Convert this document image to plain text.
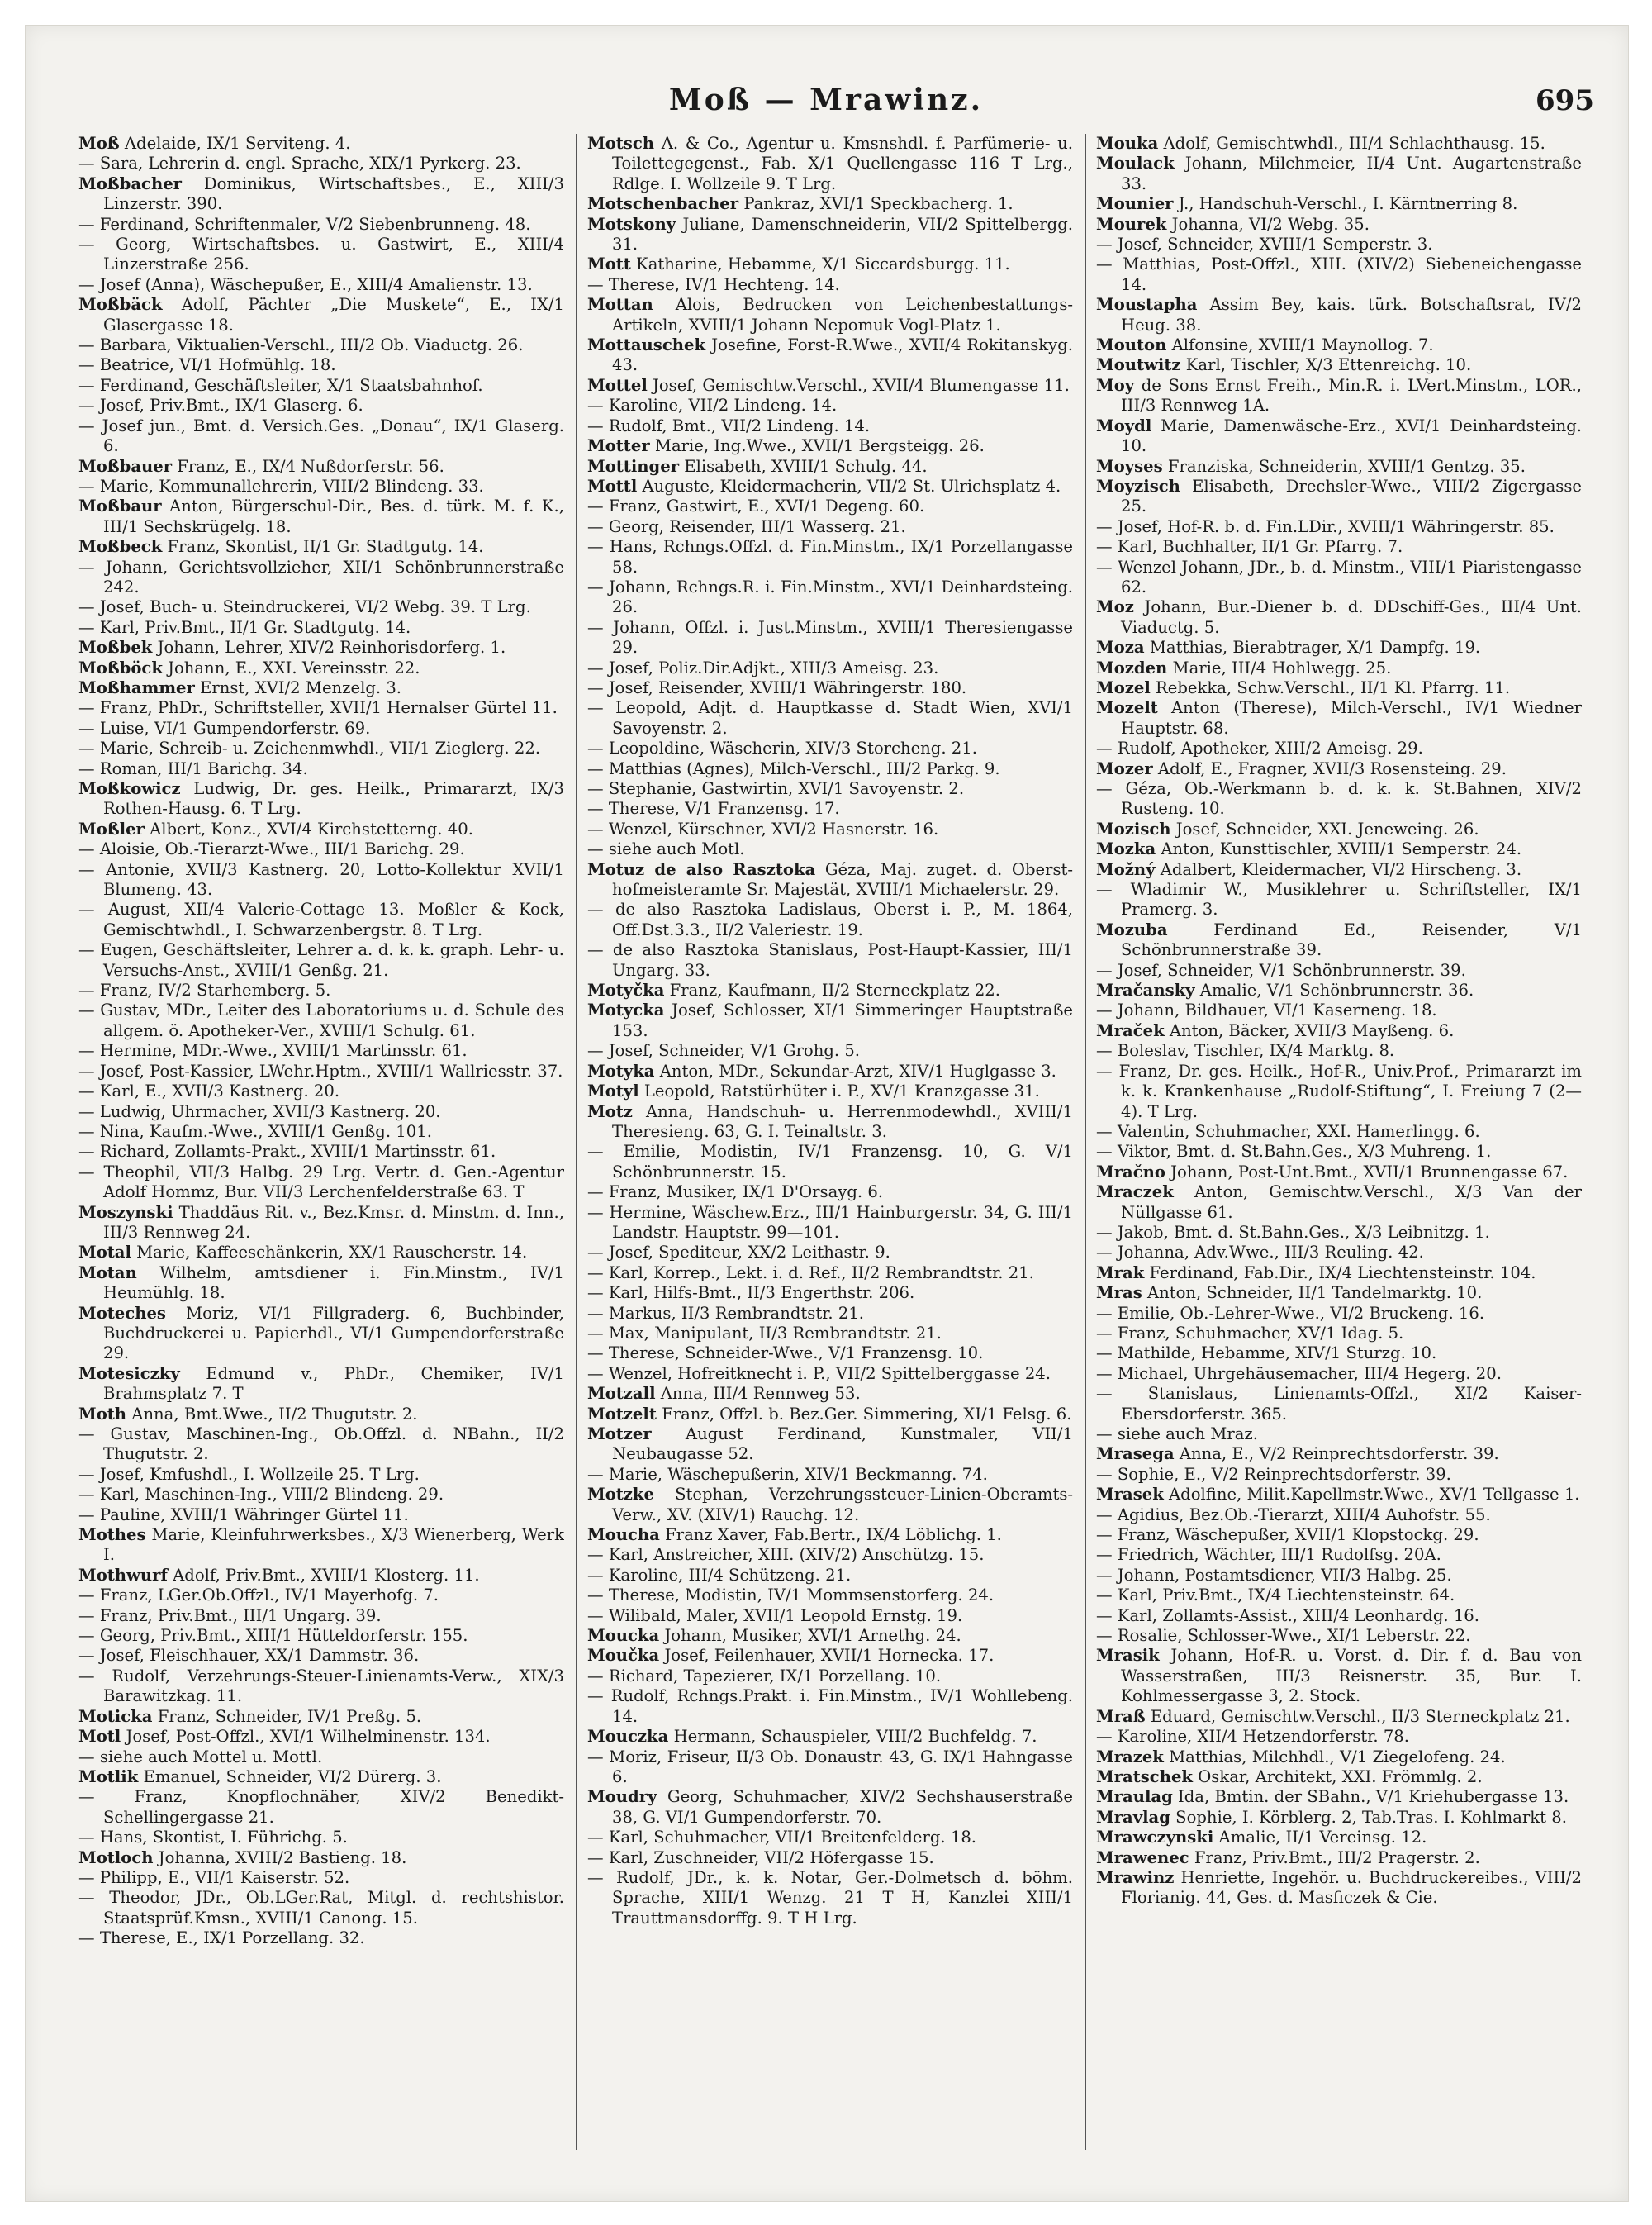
Moß — Mrawinz.	695

Moß Adelaide, IX/1 Serviteng. 4.

— Sara, Lehrerin d. engl. Sprache, XIX/1 Pyrkerg. 23.

Moßbacher Dominikus, Wirtschaftsbes., E., XIII/3 Linzerstr. 390.

— Ferdinand, Schriftenmaler, V/2 Siebenbrunneng. 48.

— Georg, Wirtschaftsbes. u. Gastwirt, E., XIII/4 Linzerstraße 256.

— Josef (Anna), Wäschepußer, E., XIII/4 Amalienstr. 13.

Moßbäck Adolf, Pächter „Die Muskete“, E., IX/1 Glasergasse 18.

— Barbara, Viktualien-Verschl., III/2 Ob. Viaductg. 26.

— Beatrice, VI/1 Hofmühlg. 18.

— Ferdinand, Geschäftsleiter, X/1 Staatsbahnhof.

— Josef, Priv.Bmt., IX/1 Glaserg. 6.

— Josef jun., Bmt. d. Versich.Ges. „Donau“, IX/1 Glaserg. 6.

Moßbauer Franz, E., IX/4 Nußdorferstr. 56.

— Marie, Kommunallehrerin, VIII/2 Blindeng. 33.

Moßbaur Anton, Bürgerschul-Dir., Bes. d. türk. M. f. K., III/1 Sechskrügelg. 18.

Moßbeck Franz, Skontist, II/1 Gr. Stadtgutg. 14.

— Johann, Gerichtsvollzieher, XII/1 Schönbrunnerstraße 242.

— Josef, Buch- u. Steindruckerei, VI/2 Webg. 39. T Lrg.

— Karl, Priv.Bmt., II/1 Gr. Stadtgutg. 14.

Moßbek Johann, Lehrer, XIV/2 Reinhorisdorferg. 1.

Moßböck Johann, E., XXI. Vereinsstr. 22.

Moßhammer Ernst, XVI/2 Menzelg. 3.

— Franz, PhDr., Schriftsteller, XVII/1 Hernalser Gürtel 11.

— Luise, VI/1 Gumpendorferstr. 69.

— Marie, Schreib- u. Zeichenmwhdl., VII/1 Zieglerg. 22.

— Roman, III/1 Barichg. 34.

Moßkowicz Ludwig, Dr. ges. Heilk., Primararzt, IX/3 Rothen-Hausg. 6. T Lrg.

Moßler Albert, Konz., XVI/4 Kirchstetterng. 40.

— Aloisie, Ob.-Tierarzt-Wwe., III/1 Barichg. 29.

— Antonie, XVII/3 Kastnerg. 20, Lotto-Kollektur XVII/1 Blumeng. 43.

— August, XII/4 Valerie-Cottage 13. Moßler & Kock, Gemischtwhdl., I. Schwarzenbergstr. 8. T Lrg.

— Eugen, Geschäftsleiter, Lehrer a. d. k. k. graph. Lehr- u. Versuchs-Anst., XVIII/1 Genßg. 21.

— Franz, IV/2 Starhemberg. 5.

— Gustav, MDr., Leiter des Laboratoriums u. d. Schule des allgem. ö. Apotheker-Ver., XVIII/1 Schulg. 61.

— Hermine, MDr.-Wwe., XVIII/1 Martinsstr. 61.

— Josef, Post-Kassier, LWehr.Hptm., XVIII/1 Wallriesstr. 37.

— Karl, E., XVII/3 Kastnerg. 20.

— Ludwig, Uhrmacher, XVII/3 Kastnerg. 20.

— Nina, Kaufm.-Wwe., XVIII/1 Genßg. 101.

— Richard, Zollamts-Prakt., XVIII/1 Martinsstr. 61.

— Theophil, VII/3 Halbg. 29 Lrg. Vertr. d. Gen.-Agentur Adolf Hommz, Bur. VII/3 Lerchenfelderstraße 63. T

Moszynski Thaddäus Rit. v., Bez.Kmsr. d. Minstm. d. Inn., III/3 Rennweg 24.

Motal Marie, Kaffeeschänkerin, XX/1 Rauscherstr. 14.

Motan Wilhelm, amtsdiener i. Fin.Minstm., IV/1 Heumühlg. 18.

Moteches Moriz, VI/1 Fillgraderg. 6, Buchbinder, Buchdruckerei u. Papierhdl., VI/1 Gumpendorferstraße 29.

Motesiczky Edmund v., PhDr., Chemiker, IV/1 Brahmsplatz 7. T

Moth Anna, Bmt.Wwe., II/2 Thugutstr. 2.

— Gustav, Maschinen-Ing., Ob.Offzl. d. NBahn., II/2 Thugutstr. 2.

— Josef, Kmfushdl., I. Wollzeile 25. T Lrg.

— Karl, Maschinen-Ing., VIII/2 Blindeng. 29.

— Pauline, XVIII/1 Währinger Gürtel 11.

Mothes Marie, Kleinfuhrwerksbes., X/3 Wienerberg, Werk I.

Mothwurf Adolf, Priv.Bmt., XVIII/1 Klosterg. 11.

— Franz, LGer.Ob.Offzl., IV/1 Mayerhofg. 7.

— Franz, Priv.Bmt., III/1 Ungarg. 39.

— Georg, Priv.Bmt., XIII/1 Hütteldorferstr. 155.

— Josef, Fleischhauer, XX/1 Dammstr. 36.

— Rudolf, Verzehrungs-Steuer-Linienamts-Verw., XIX/3 Barawitzkag. 11.

Moticka Franz, Schneider, IV/1 Preßg. 5.

Motl Josef, Post-Offzl., XVI/1 Wilhelminenstr. 134.

— siehe auch Mottel u. Mottl.

Motlik Emanuel, Schneider, VI/2 Dürerg. 3.

— Franz, Knopflochnäher, XIV/2 Benedikt-Schellingergasse 21.

— Hans, Skontist, I. Führichg. 5.

Motloch Johanna, XVIII/2 Bastieng. 18.

— Philipp, E., VII/1 Kaiserstr. 52.

— Theodor, JDr., Ob.LGer.Rat, Mitgl. d. rechtshistor. Staatsprüf.Kmsn., XVIII/1 Canong. 15.

— Therese, E., IX/1 Porzellang. 32.

Motsch A. & Co., Agentur u. Kmsnshdl. f. Parfümerie- u. Toilettegegenst., Fab. X/1 Quellengasse 116 T Lrg., Rdlge. I. Wollzeile 9. T Lrg.

Motschenbacher Pankraz, XVI/1 Speckbacherg. 1.

Motskony Juliane, Damenschneiderin, VII/2 Spittelbergg. 31.

Mott Katharine, Hebamme, X/1 Siccardsburgg. 11.

— Therese, IV/1 Hechteng. 14.

Mottan Alois, Bedrucken von Leichenbestattungs-Artikeln, XVIII/1 Johann Nepomuk Vogl-Platz 1.

Mottauschek Josefine, Forst-R.Wwe., XVII/4 Rokitanskyg. 43.

Mottel Josef, Gemischtw.Verschl., XVII/4 Blumengasse 11.

— Karoline, VII/2 Lindeng. 14.

— Rudolf, Bmt., VII/2 Lindeng. 14.

Motter Marie, Ing.Wwe., XVII/1 Bergsteigg. 26.

Mottinger Elisabeth, XVIII/1 Schulg. 44.

Mottl Auguste, Kleidermacherin, VII/2 St. Ulrichsplatz 4.

— Franz, Gastwirt, E., XVI/1 Degeng. 60.

— Georg, Reisender, III/1 Wasserg. 21.

— Hans, Rchngs.Offzl. d. Fin.Minstm., IX/1 Porzellangasse 58.

— Johann, Rchngs.R. i. Fin.Minstm., XVI/1 Deinhardsteing. 26.

— Johann, Offzl. i. Just.Minstm., XVIII/1 Theresiengasse 29.

— Josef, Poliz.Dir.Adjkt., XIII/3 Ameisg. 23.

— Josef, Reisender, XVIII/1 Währingerstr. 180.

— Leopold, Adjt. d. Hauptkasse d. Stadt Wien, XVI/1 Savoyenstr. 2.

— Leopoldine, Wäscherin, XIV/3 Storcheng. 21.

— Matthias (Agnes), Milch-Verschl., III/2 Parkg. 9.

— Stephanie, Gastwirtin, XVI/1 Savoyenstr. 2.

— Therese, V/1 Franzensg. 17.

— Wenzel, Kürschner, XVI/2 Hasnerstr. 16.

— siehe auch Motl.

Motuz de also Rasztoka Géza, Maj. zuget. d. Oberst-hofmeisteramte Sr. Majestät, XVIII/1 Michaelerstr. 29.

— de also Rasztoka Ladislaus, Oberst i. P., M. 1864, Off.Dst.3.3., II/2 Valeriestr. 19.

— de also Rasztoka Stanislaus, Post-Haupt-Kassier, III/1 Ungarg. 33.

Motyčka Franz, Kaufmann, II/2 Sterneckplatz 22.

Motycka Josef, Schlosser, XI/1 Simmeringer Hauptstraße 153.

— Josef, Schneider, V/1 Grohg. 5.

Motyka Anton, MDr., Sekundar-Arzt, XIV/1 Huglgasse 3.

Motyl Leopold, Ratstürhüter i. P., XV/1 Kranzgasse 31.

Motz Anna, Handschuh- u. Herrenmodewhdl., XVIII/1 Theresieng. 63, G. I. Teinaltstr. 3.

— Emilie, Modistin, IV/1 Franzensg. 10, G. V/1 Schönbrunnerstr. 15.

— Franz, Musiker, IX/1 D'Orsayg. 6.

— Hermine, Wäschew.Erz., III/1 Hainburgerstr. 34, G. III/1 Landstr. Hauptstr. 99—101.

— Josef, Spediteur, XX/2 Leithastr. 9.

— Karl, Korrep., Lekt. i. d. Ref., II/2 Rembrandtstr. 21.

— Karl, Hilfs-Bmt., II/3 Engerthstr. 206.

— Markus, II/3 Rembrandtstr. 21.

— Max, Manipulant, II/3 Rembrandtstr. 21.

— Therese, Schneider-Wwe., V/1 Franzensg. 10.

— Wenzel, Hofreitknecht i. P., VII/2 Spittelberggasse 24.

Motzall Anna, III/4 Rennweg 53.

Motzelt Franz, Offzl. b. Bez.Ger. Simmering, XI/1 Felsg. 6.

Motzer August Ferdinand, Kunstmaler, VII/1 Neubaugasse 52.

— Marie, Wäschepußerin, XIV/1 Beckmanng. 74.

Motzke Stephan, Verzehrungssteuer-Linien-Oberamts-Verw., XV. (XIV/1) Rauchg. 12.

Moucha Franz Xaver, Fab.Bertr., IX/4 Löblichg. 1.

— Karl, Anstreicher, XIII. (XIV/2) Anschützg. 15.

— Karoline, III/4 Schützeng. 21.

— Therese, Modistin, IV/1 Mommsenstorferg. 24.

— Wilibald, Maler, XVII/1 Leopold Ernstg. 19.

Moucka Johann, Musiker, XVI/1 Arnethg. 24.

Moučka Josef, Feilenhauer, XVII/1 Hornecka. 17.

— Richard, Tapezierer, IX/1 Porzellang. 10.

— Rudolf, Rchngs.Prakt. i. Fin.Minstm., IV/1 Wohllebeng. 14.

Mouczka Hermann, Schauspieler, VIII/2 Buchfeldg. 7.

— Moriz, Friseur, II/3 Ob. Donaustr. 43, G. IX/1 Hahngasse 6.

Moudry Georg, Schuhmacher, XIV/2 Sechshauserstraße 38, G. VI/1 Gumpendorferstr. 70.

— Karl, Schuhmacher, VII/1 Breitenfelderg. 18.

— Karl, Zuschneider, VII/2 Höfergasse 15.

— Rudolf, JDr., k. k. Notar, Ger.-Dolmetsch d. böhm. Sprache, XIII/1 Wenzg. 21 T H, Kanzlei XIII/1 Trauttmansdorffg. 9. T H Lrg.

Mouka Adolf, Gemischtwhdl., III/4 Schlachthausg. 15.

Moulack Johann, Milchmeier, II/4 Unt. Augartenstraße 33.

Mounier J., Handschuh-Verschl., I. Kärntnerring 8.

Mourek Johanna, VI/2 Webg. 35.

— Josef, Schneider, XVIII/1 Semperstr. 3.

— Matthias, Post-Offzl., XIII. (XIV/2) Siebeneichengasse 14.

Moustapha Assim Bey, kais. türk. Botschaftsrat, IV/2 Heug. 38.

Mouton Alfonsine, XVIII/1 Maynollog. 7.

Moutwitz Karl, Tischler, X/3 Ettenreichg. 10.

Moy de Sons Ernst Freih., Min.R. i. LVert.Minstm., LOR., III/3 Rennweg 1A.

Moydl Marie, Damenwäsche-Erz., XVI/1 Deinhardsteing. 10.

Moyses Franziska, Schneiderin, XVIII/1 Gentzg. 35.

Moyzisch Elisabeth, Drechsler-Wwe., VIII/2 Zigergasse 25.

— Josef, Hof-R. b. d. Fin.LDir., XVIII/1 Währingerstr. 85.

— Karl, Buchhalter, II/1 Gr. Pfarrg. 7.

— Wenzel Johann, JDr., b. d. Minstm., VIII/1 Piaristengasse 62.

Moz Johann, Bur.-Diener b. d. DDschiff-Ges., III/4 Unt. Viaductg. 5.

Moza Matthias, Bierabtrager, X/1 Dampfg. 19.

Mozden Marie, III/4 Hohlwegg. 25.

Mozel Rebekka, Schw.Verschl., II/1 Kl. Pfarrg. 11.

Mozelt Anton (Therese), Milch-Verschl., IV/1 Wiedner Hauptstr. 68.

— Rudolf, Apotheker, XIII/2 Ameisg. 29.

Mozer Adolf, E., Fragner, XVII/3 Rosensteing. 29.

— Géza, Ob.-Werkmann b. d. k. k. St.Bahnen, XIV/2 Rusteng. 10.

Mozisch Josef, Schneider, XXI. Jeneweing. 26.

Mozka Anton, Kunsttischler, XVIII/1 Semperstr. 24.

Možný Adalbert, Kleidermacher, VI/2 Hirscheng. 3.

— Wladimir W., Musiklehrer u. Schriftsteller, IX/1 Pramerg. 3.

Mozuba Ferdinand Ed., Reisender, V/1 Schönbrunnerstraße 39.

— Josef, Schneider, V/1 Schönbrunnerstr. 39.

Mračansky Amalie, V/1 Schönbrunnerstr. 36.

— Johann, Bildhauer, VI/1 Kaserneng. 18.

Mraček Anton, Bäcker, XVII/3 Mayßeng. 6.

— Boleslav, Tischler, IX/4 Marktg. 8.

— Franz, Dr. ges. Heilk., Hof-R., Univ.Prof., Primararzt im k. k. Krankenhause „Rudolf-Stiftung“, I. Freiung 7 (2—4). T Lrg.

— Valentin, Schuhmacher, XXI. Hamerlingg. 6.

— Viktor, Bmt. d. St.Bahn.Ges., X/3 Muhreng. 1.

Mračno Johann, Post-Unt.Bmt., XVII/1 Brunnengasse 67.

Mraczek Anton, Gemischtw.Verschl., X/3 Van der Nüllgasse 61.

— Jakob, Bmt. d. St.Bahn.Ges., X/3 Leibnitzg. 1.

— Johanna, Adv.Wwe., III/3 Reuling. 42.

Mrak Ferdinand, Fab.Dir., IX/4 Liechtensteinstr. 104.

Mras Anton, Schneider, II/1 Tandelmarktg. 10.

— Emilie, Ob.-Lehrer-Wwe., VI/2 Bruckeng. 16.

— Franz, Schuhmacher, XV/1 Idag. 5.

— Mathilde, Hebamme, XIV/1 Sturzg. 10.

— Michael, Uhrgehäusemacher, III/4 Hegerg. 20.

— Stanislaus, Linienamts-Offzl., XI/2 Kaiser-Ebersdorferstr. 365.

— siehe auch Mraz.

Mrasega Anna, E., V/2 Reinprechtsdorferstr. 39.

— Sophie, E., V/2 Reinprechtsdorferstr. 39.

Mrasek Adolfine, Milit.Kapellmstr.Wwe., XV/1 Tellgasse 1.

— Agidius, Bez.Ob.-Tierarzt, XIII/4 Auhofstr. 55.

— Franz, Wäschepußer, XVII/1 Klopstockg. 29.

— Friedrich, Wächter, III/1 Rudolfsg. 20A.

— Johann, Postamtsdiener, VII/3 Halbg. 25.

— Karl, Priv.Bmt., IX/4 Liechtensteinstr. 64.

— Karl, Zollamts-Assist., XIII/4 Leonhardg. 16.

— Rosalie, Schlosser-Wwe., XI/1 Leberstr. 22.

Mrasik Johann, Hof-R. u. Vorst. d. Dir. f. d. Bau von Wasserstraßen, III/3 Reisnerstr. 35, Bur. I. Kohlmessergasse 3, 2. Stock.

Mraß Eduard, Gemischtw.Verschl., II/3 Sterneckplatz 21.

— Karoline, XII/4 Hetzendorferstr. 78.

Mrazek Matthias, Milchhdl., V/1 Ziegelofeng. 24.

Mratschek Oskar, Architekt, XXI. Frömmlg. 2.

Mraulag Ida, Bmtin. der SBahn., V/1 Kriehubergasse 13.

Mravlag Sophie, I. Körblerg. 2, Tab.Tras. I. Kohlmarkt 8.

Mrawczynski Amalie, II/1 Vereinsg. 12.

Mrawenec Franz, Priv.Bmt., III/2 Pragerstr. 2.

Mrawinz Henriette, Ingehör. u. Buchdruckereibes., VIII/2 Florianig. 44, Ges. d. Masficzek & Cie.
